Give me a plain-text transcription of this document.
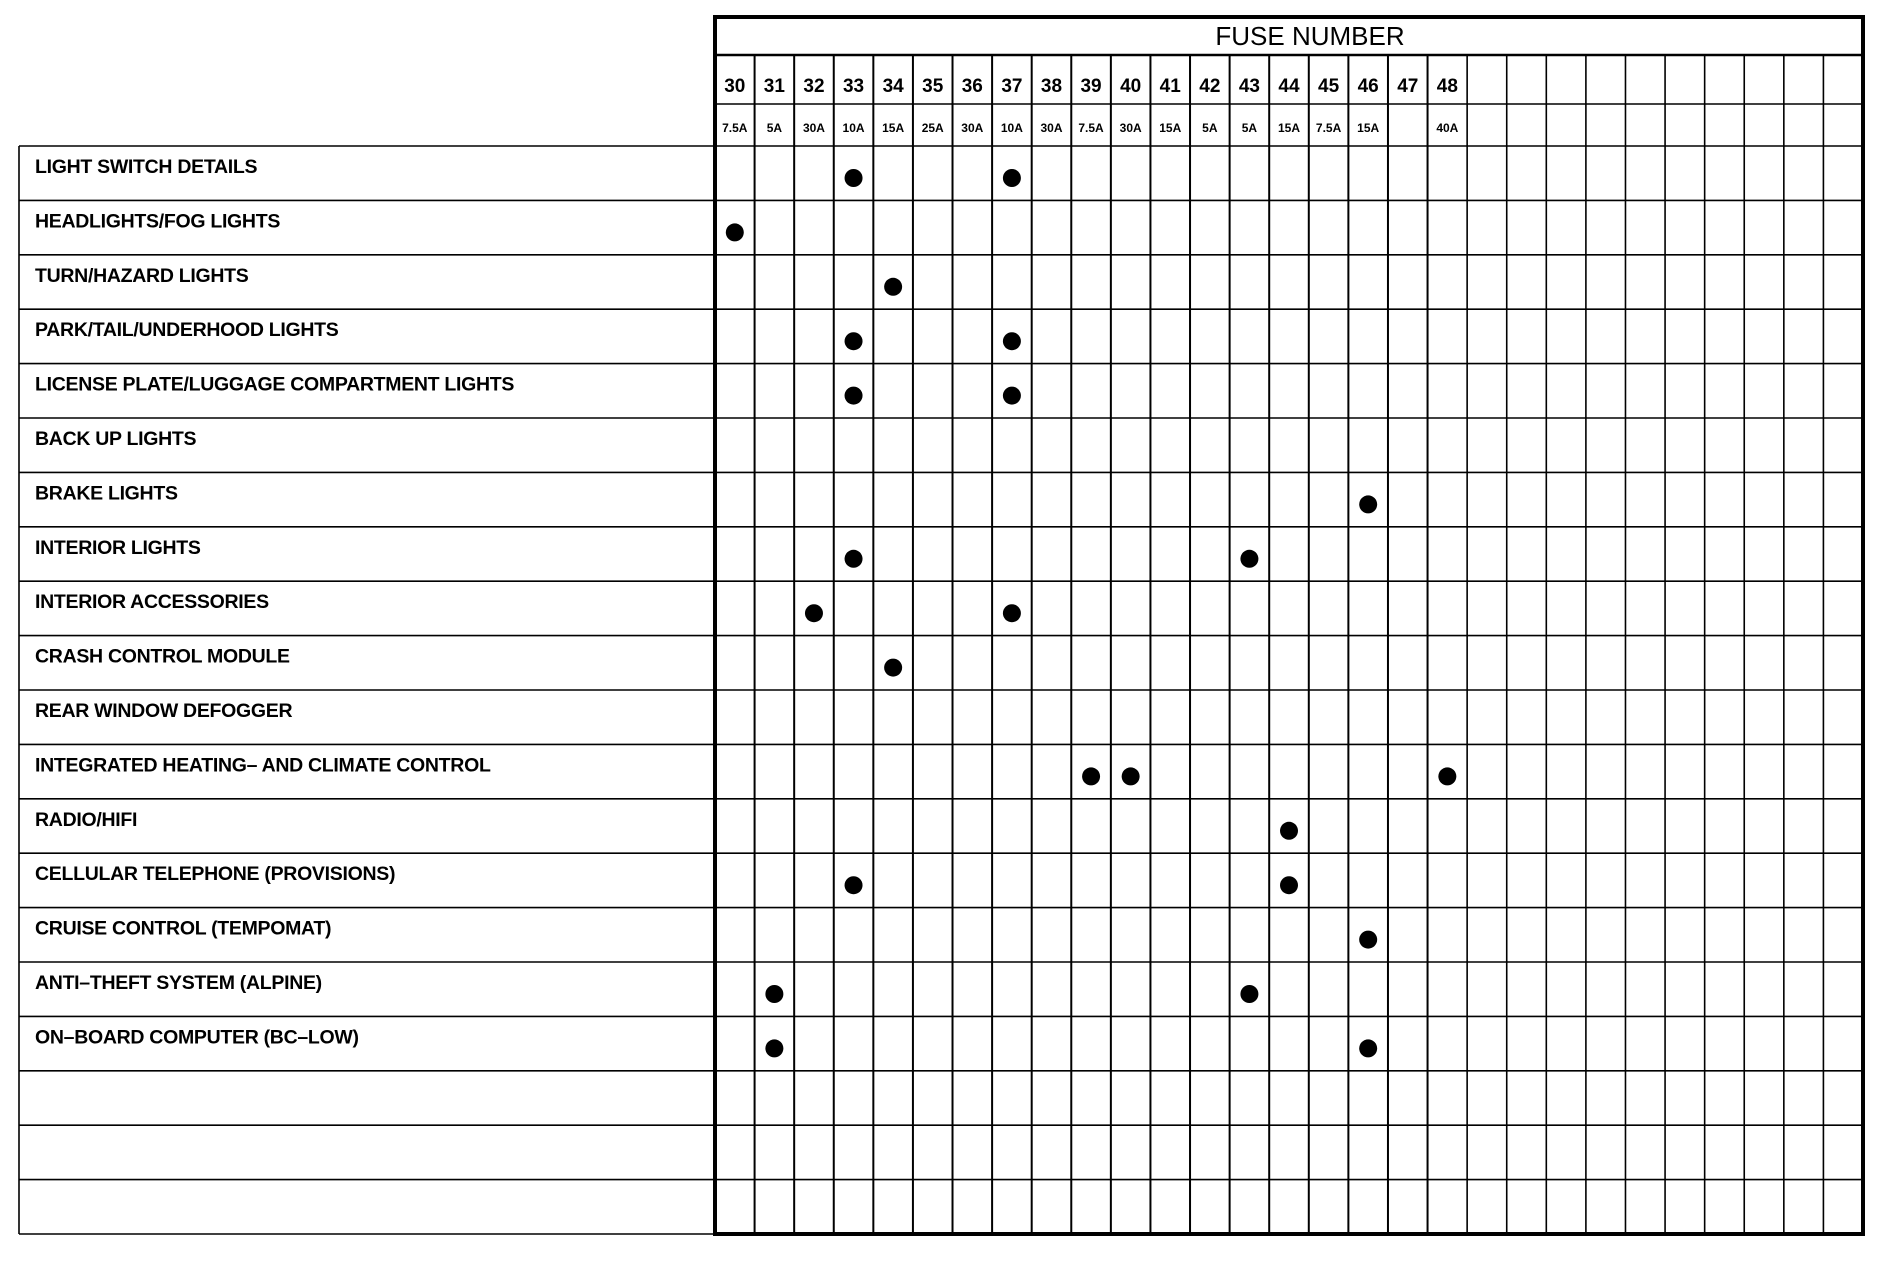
FUSE NUMBER
30
7.5A
31
5A
32
30A
33
10A
34
15A
35
25A
36
30A
37
10A
38
30A
39
7.5A
40
30A
41
15A
42
5A
43
5A
44
15A
45
7.5A
46
15A
47 48
40A
LIGHT SWITCH DETAILS
HEADLIGHTS/FOG LIGHTS
TURN/HAZARD LIGHTS
PARK/TAIL/UNDERHOOD LIGHTS
LICENSE PLATE/LUGGAGE COMPARTMENT LIGHTS
BACK UP LIGHTS
BRAKE LIGHTS
INTERIOR LIGHTS
INTERIOR ACCESSORIES
CRASH CONTROL MODULE
REAR WINDOW DEFOGGER
INTEGRATED HEATING– AND CLIMATE CONTROL
RADIO/HIFI
CELLULAR TELEPHONE (PROVISIONS)
CRUISE CONTROL (TEMPOMAT)
ANTI–THEFT SYSTEM (ALPINE)
ON–BOARD COMPUTER (BC–LOW)
